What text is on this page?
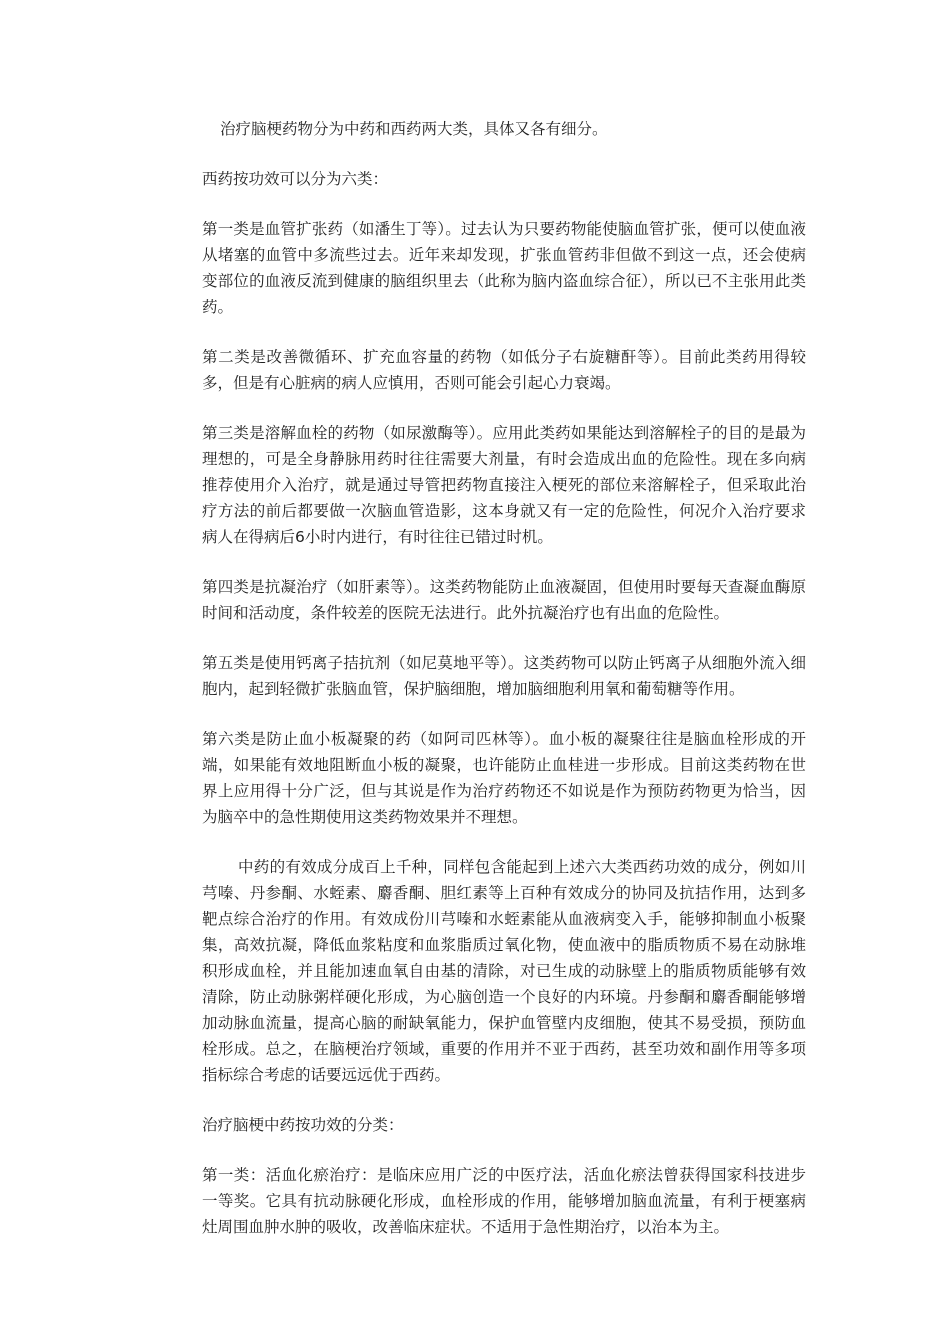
治疗脑梗药物分为中药和西药两大类，具体又各有细分。

西药按功效可以分为六类：

第一类是血管扩张药（如潘生丁等）。过去认为只要药物能使脑血管扩张，便可以使血液从堵塞的血管中多流些过去。近年来却发现，扩张血管药非但做不到这一点，还会使病变部位的血液反流到健康的脑组织里去（此称为脑内盗血综合征），所以已不主张用此类药。

第二类是改善微循环、扩充血容量的药物（如低分子右旋糖酐等）。目前此类药用得较多，但是有心脏病的病人应慎用，否则可能会引起心力衰竭。

第三类是溶解血栓的药物（如尿激酶等）。应用此类药如果能达到溶解栓子的目的是最为理想的，可是全身静脉用药时往往需要大剂量，有时会造成出血的危险性。现在多向病推荐使用介入治疗，就是通过导管把药物直接注入梗死的部位来溶解栓子，但采取此治疗方法的前后都要做一次脑血管造影，这本身就又有一定的危险性，何况介入治疗要求病人在得病后6小时内进行，有时往往已错过时机。

第四类是抗凝治疗（如肝素等）。这类药物能防止血液凝固，但使用时要每天查凝血酶原时间和活动度，条件较差的医院无法进行。此外抗凝治疗也有出血的危险性。

第五类是使用钙离子拮抗剂（如尼莫地平等）。这类药物可以防止钙离子从细胞外流入细胞内，起到轻微扩张脑血管，保护脑细胞，增加脑细胞利用氧和葡萄糖等作用。

第六类是防止血小板凝聚的药（如阿司匹林等）。血小板的凝聚往往是脑血栓形成的开端，如果能有效地阻断血小板的凝聚，也许能防止血桂进一步形成。目前这类药物在世界上应用得十分广泛，但与其说是作为治疗药物还不如说是作为预防药物更为恰当，因为脑卒中的急性期使用这类药物效果并不理想。

中药的有效成分成百上千种，同样包含能起到上述六大类西药功效的成分，例如川芎嗪、丹参酮、水蛭素、麝香酮、胆红素等上百种有效成分的协同及抗拮作用，达到多靶点综合治疗的作用。有效成份川芎嗪和水蛭素能从血液病变入手，能够抑制血小板聚集，高效抗凝，降低血浆粘度和血浆脂质过氧化物，使血液中的脂质物质不易在动脉堆积形成血栓，并且能加速血氧自由基的清除，对已生成的动脉壁上的脂质物质能够有效清除，防止动脉粥样硬化形成，为心脑创造一个良好的内环境。丹参酮和麝香酮能够增加动脉血流量，提高心脑的耐缺氧能力，保护血管壁内皮细胞，使其不易受损，预防血栓形成。总之，在脑梗治疗领域，重要的作用并不亚于西药，甚至功效和副作用等多项指标综合考虑的话要远远优于西药。

治疗脑梗中药按功效的分类：

第一类：活血化瘀治疗：是临床应用广泛的中医疗法，活血化瘀法曾获得国家科技进步一等奖。它具有抗动脉硬化形成，血栓形成的作用，能够增加脑血流量，有利于梗塞病灶周围血肿水肿的吸收，改善临床症状。不适用于急性期治疗，以治本为主。
